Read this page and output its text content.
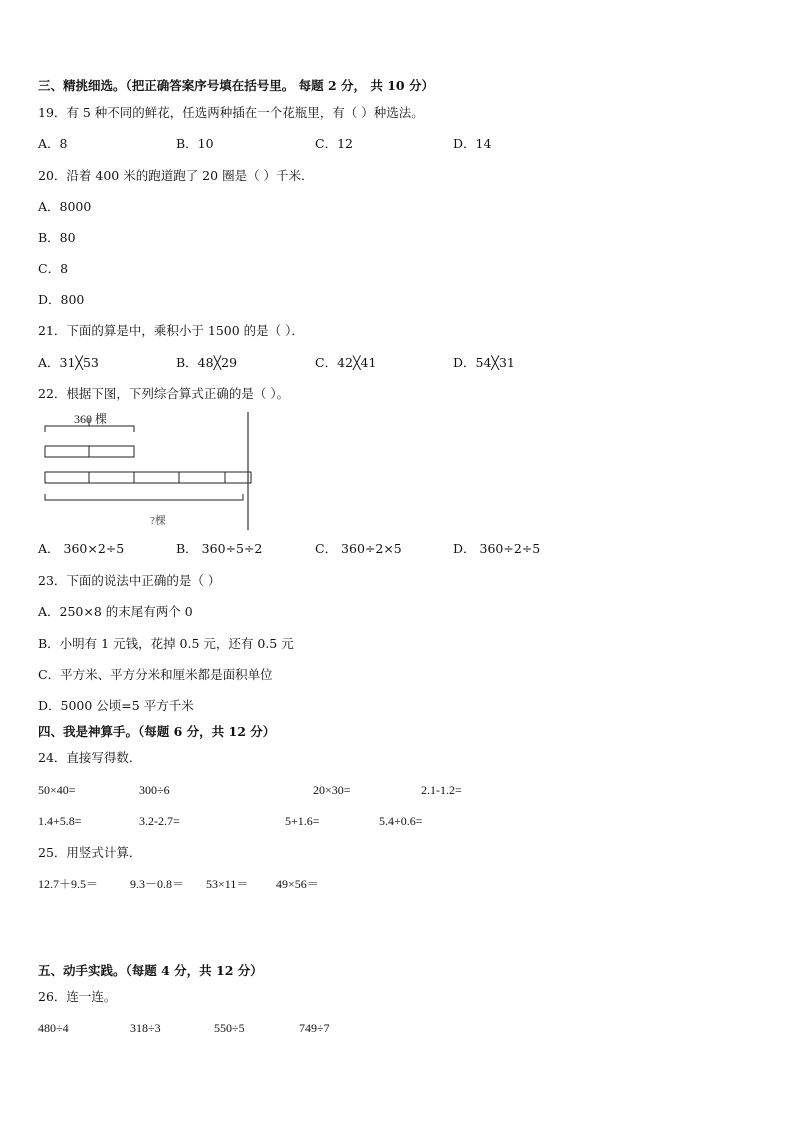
三、精挑细选。（把正确答案序号填在括号里。 每题 2 分， 共 10 分）
19．有 5 种不同的鲜花，任选两种插在一个花瓶里，有（ ）种选法。
A．8	B．10	C．12	D．14
20．沿着 400 米的跑道跑了 20 圈是（ ）千米．
A．8000
B．80
C．8
D．800
21．下面的算是中，乘积小于 1500 的是（ ）．
A．31╳53	B．48╳29	C．42╳41	D．54╳31
22．根据下图，下列综合算式正确的是（ ）。
360 棵
?棵
A． 360×2÷5	B． 360÷5÷2	C． 360÷2×5	D． 360÷2÷5
23．下面的说法中正确的是（ ）
A．250×8 的末尾有两个 0
B．小明有 1 元钱，花掉 0.5 元，还有 0.5 元
C．平方米、平方分米和厘米都是面积单位
D．5000 公顷=5 平方千米
四、我是神算手。（每题 6 分，共 12 分）
24．直接写得数．
50×40=	300÷6	20×30=	2.1-1.2=
1.4+5.8=	3.2-2.7=	5+1.6=	5.4+0.6=
25．用竖式计算．
12.7＋9.5＝	9.3－0.8＝ 53×11＝ 49×56＝
五、动手实践。（每题 4 分，共 12 分）
26．连一连。
480÷4	318÷3	550÷5	749÷7
